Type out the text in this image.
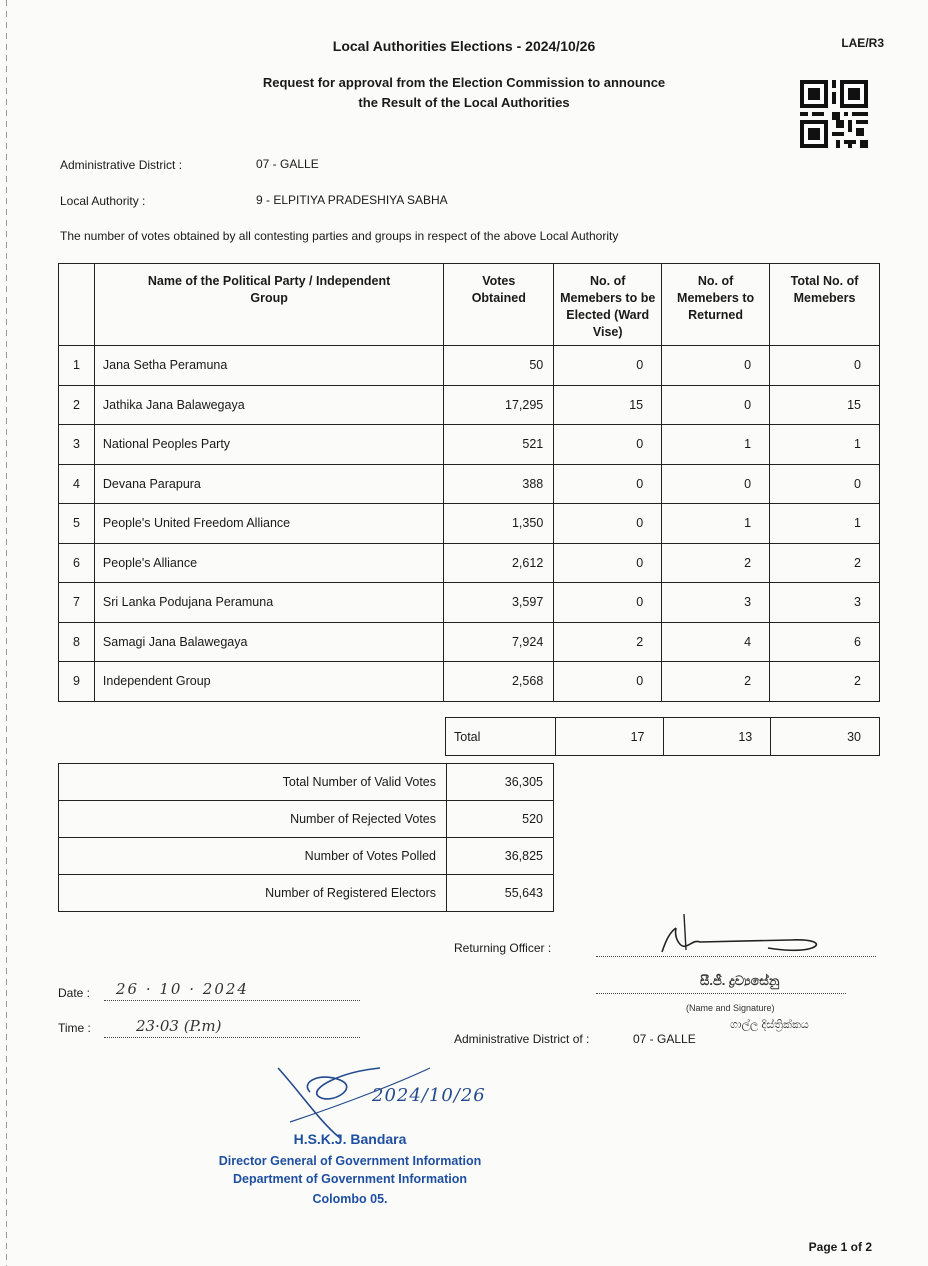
Local Authorities Elections - 2024/10/26	LAE/R3
Request for approval from the Election Commission to announce
the Result of the Local Authorities
Administrative District :	07 - GALLE
Local Authority :	9 - ELPITIYA PRADESHIYA SABHA
The number of votes obtained by all contesting parties and groups in respect of the above Local Authority
	Name of the Political Party / Independent Group	Votes Obtained	No. of Memebers to be Elected (Ward Vise)	No. of Memebers to Returned	Total No. of Memebers
1	Jana Setha Peramuna	50	0	0	0
2	Jathika Jana Balawegaya	17,295	15	0	15
3	National Peoples Party	521	0	1	1
4	Devana Parapura	388	0	0	0
5	People's United Freedom Alliance	1,350	0	1	1
6	People's Alliance	2,612	0	2	2
7	Sri Lanka Podujana Peramuna	3,597	0	3	3
8	Samagi Jana Balawegaya	7,924	2	4	6
9	Independent Group	2,568	0	2	2
Total	17	13	30
Total Number of Valid Votes	36,305
Number of Rejected Votes	520
Number of Votes Polled	36,825
Number of Registered Electors	55,643
Returning Officer :
සී.ජී. ද්‍රව්‍යසේනු
(Name and Signature)
ගාල්ල දිස්ත්‍රික්කය
Date : 26 · 10 · 2024
Time :	23·03 (P.m)
Administrative District of :	07 - GALLE
2024/10/26
H.S.K.J. Bandara
Director General of Government Information
Department of Government Information
Colombo 05.
Page 1 of 2
